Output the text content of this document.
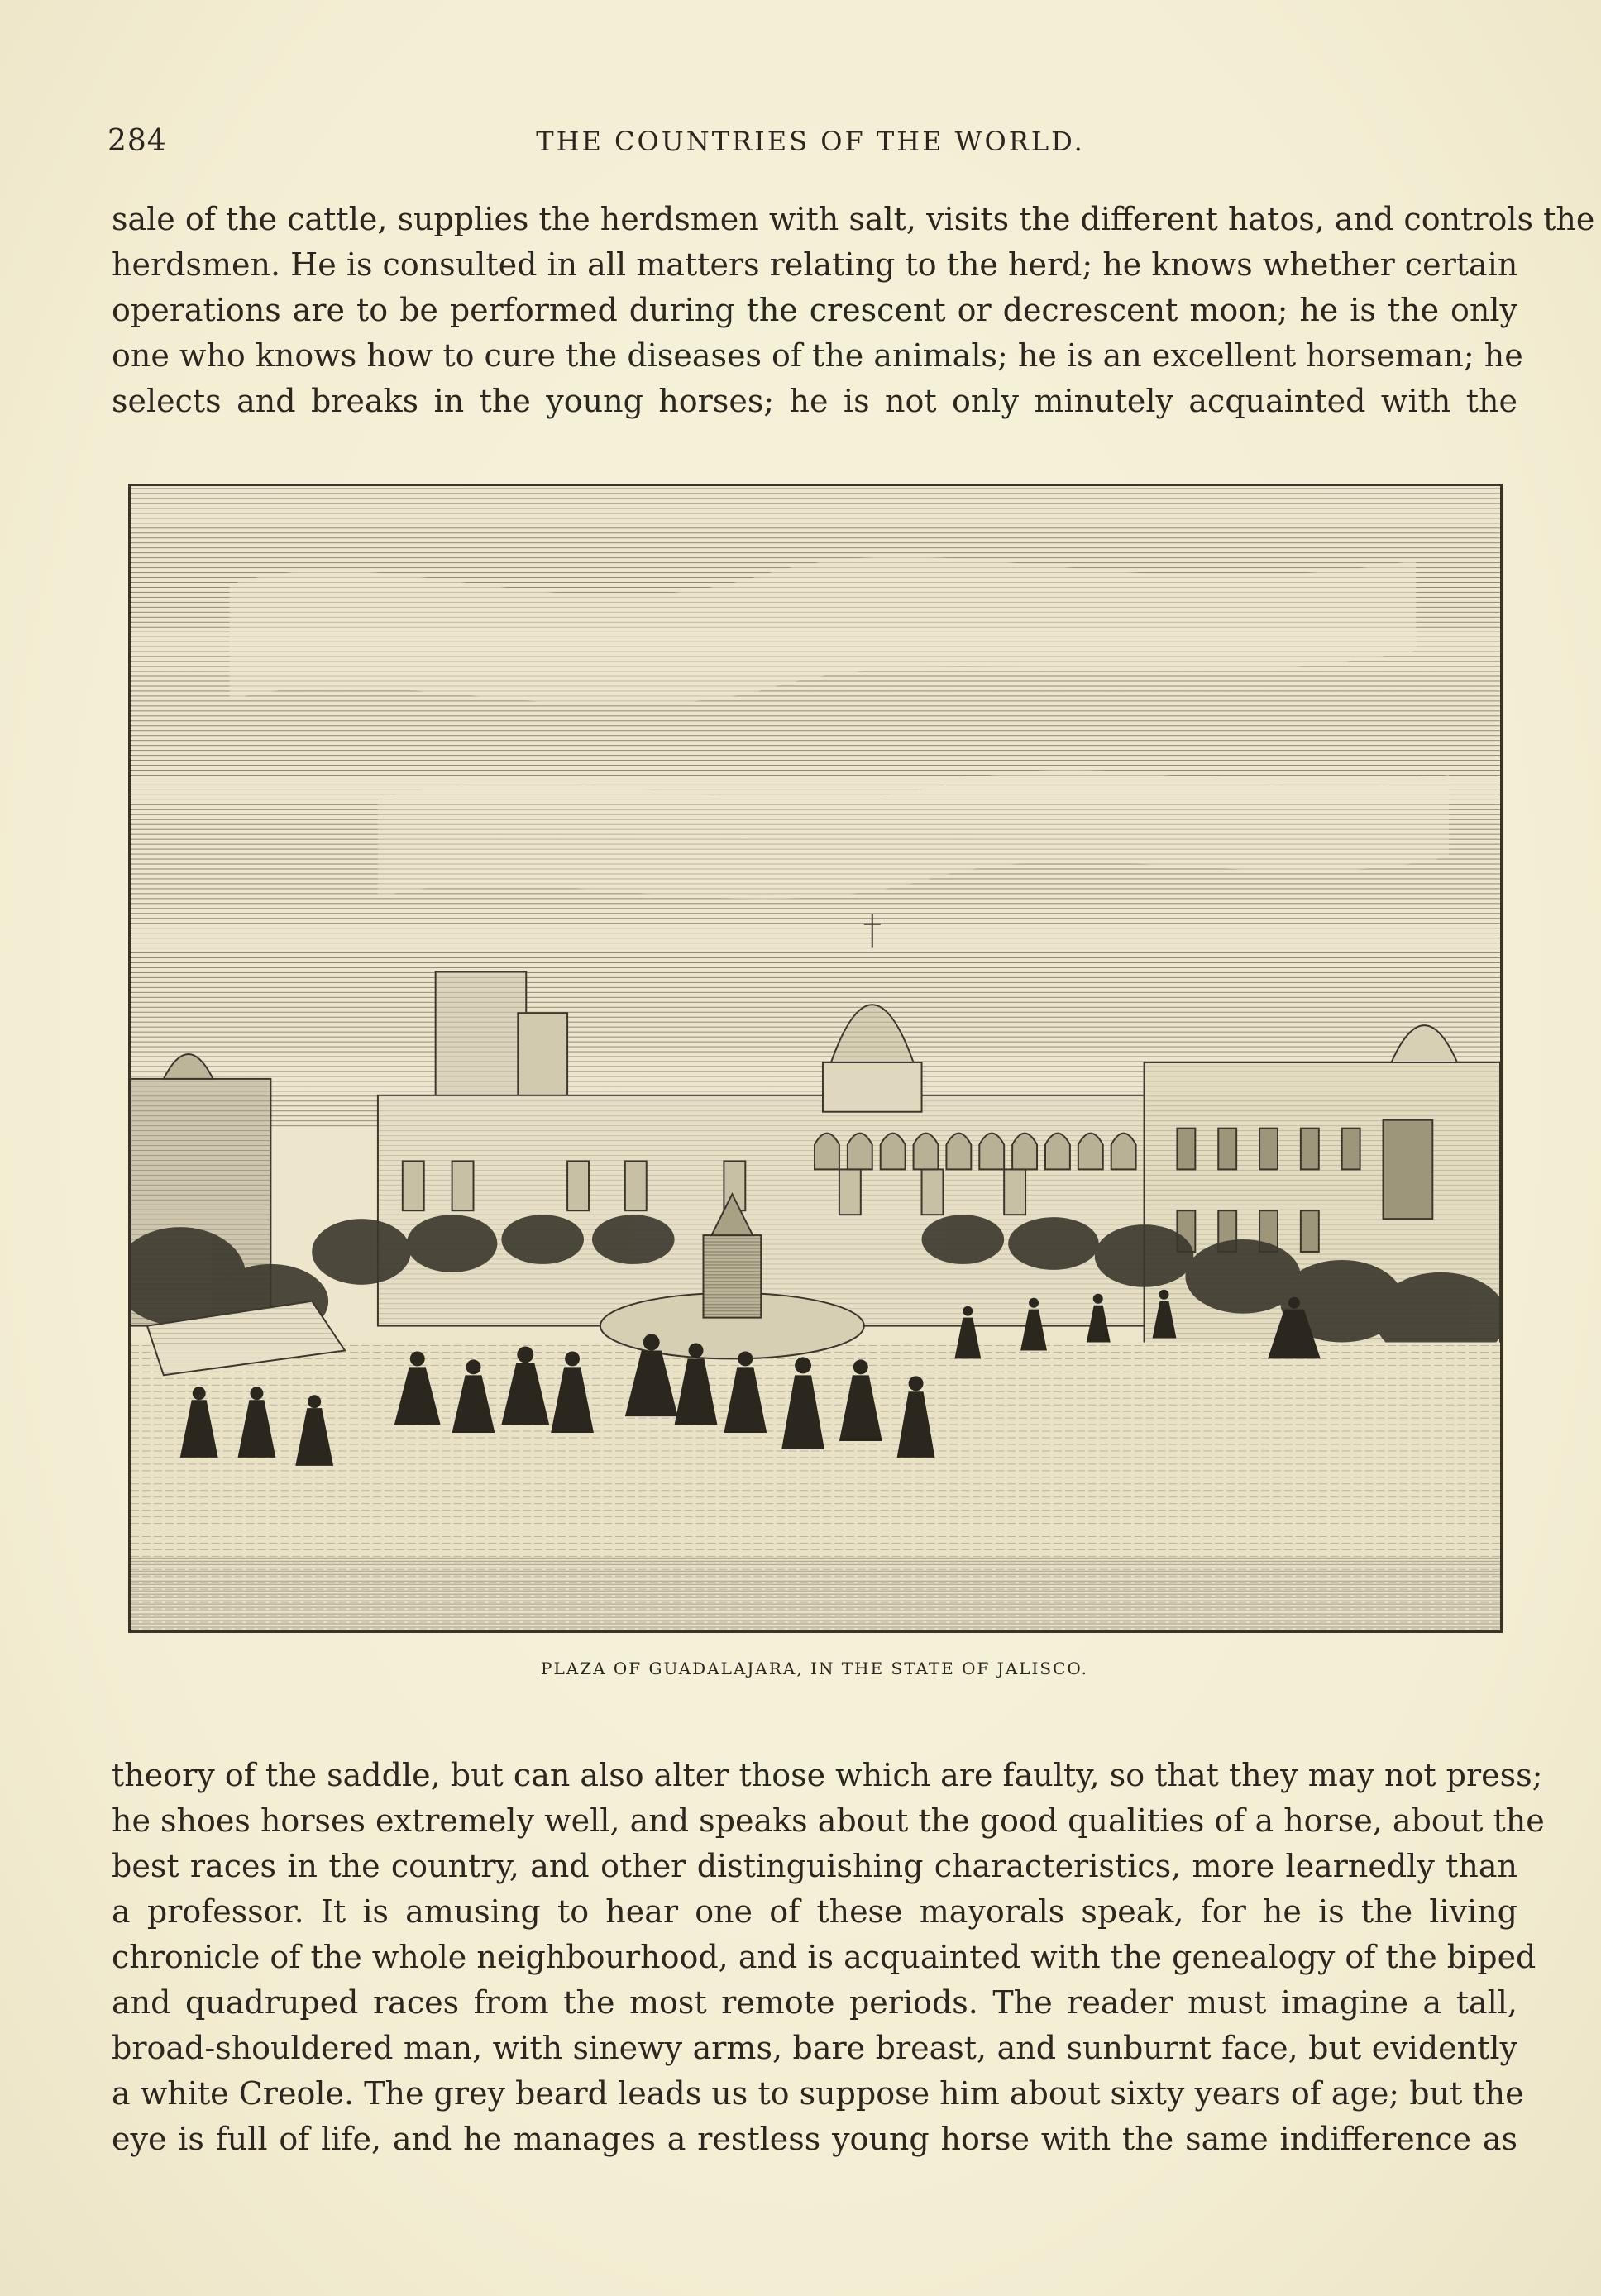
284	THE COUNTRIES OF THE WORLD.
sale of the cattle, supplies the herdsmen with salt, visits the different hatos, and controls the
herdsmen. He is consulted in all matters relating to the herd; he knows whether certain
operations are to be performed during the crescent or decrescent moon; he is the only
one who knows how to cure the diseases of the animals; he is an excellent horseman; he
selects and breaks in the young horses; he is not only minutely acquainted with the
PLAZA OF GUADALAJARA, IN THE STATE OF JALISCO.
theory of the saddle, but can also alter those which are faulty, so that they may not press;
he shoes horses extremely well, and speaks about the good qualities of a horse, about the
best races in the country, and other distinguishing characteristics, more learnedly than
a professor. It is amusing to hear one of these mayorals speak, for he is the living
chronicle of the whole neighbourhood, and is acquainted with the genealogy of the biped
and quadruped races from the most remote periods. The reader must imagine a tall,
broad-shouldered man, with sinewy arms, bare breast, and sunburnt face, but evidently
a white Creole. The grey beard leads us to suppose him about sixty years of age; but the
eye is full of life, and he manages a restless young horse with the same indifference as
